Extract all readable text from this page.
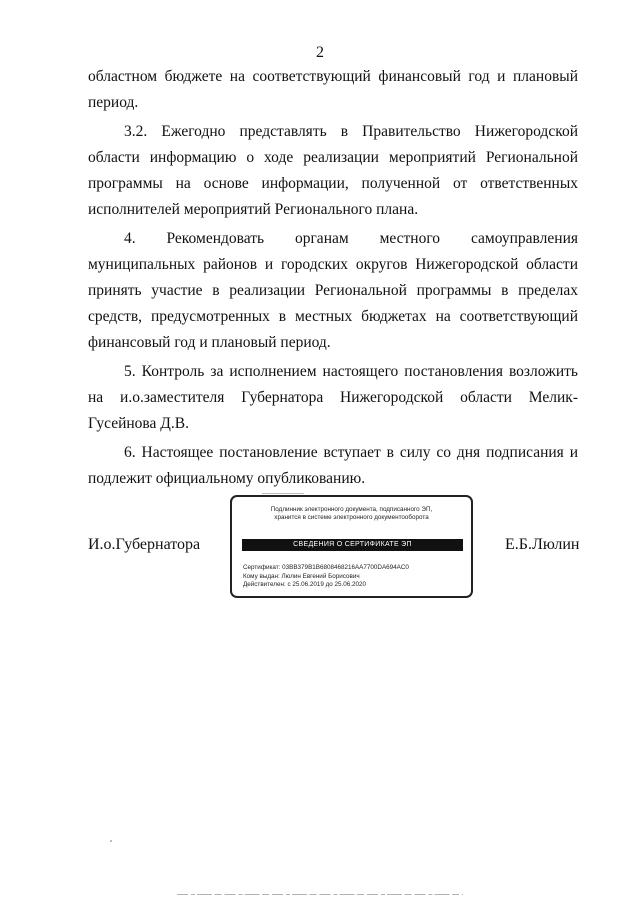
2

областном бюджете на соответствующий финансовый год и плановый период.

3.2. Ежегодно представлять в Правительство Нижегородской области информацию о ходе реализации мероприятий Региональной программы на основе информации, полученной от ответственных исполнителей мероприятий Регионального плана.

4. Рекомендовать органам местного самоуправления муниципальных районов и городских округов Нижегородской области принять участие в реализации Региональной программы в пределах средств, предусмотренных в местных бюджетах на соответствующий финансовый год и плановый период.

5. Контроль за исполнением настоящего постановления возложить на и.о.заместителя Губернатора Нижегородской области Мелик-Гусейнова Д.В.

6. Настоящее постановление вступает в силу со дня подписания и подлежит официальному опубликованию.

И.о.Губернатора	Е.Б.Люлин
Подлинник электронного документа, подписанного ЭП,
хранится в системе электронного документооборота
СВЕДЕНИЯ О СЕРТИФИКАТЕ ЭП
Сертификат: 03BB379B1B6808468216AA7700DA694AC0
Кому выдан: Люлин Евгений Борисович
Действителен: с 25.06.2019 до 25.06.2020
